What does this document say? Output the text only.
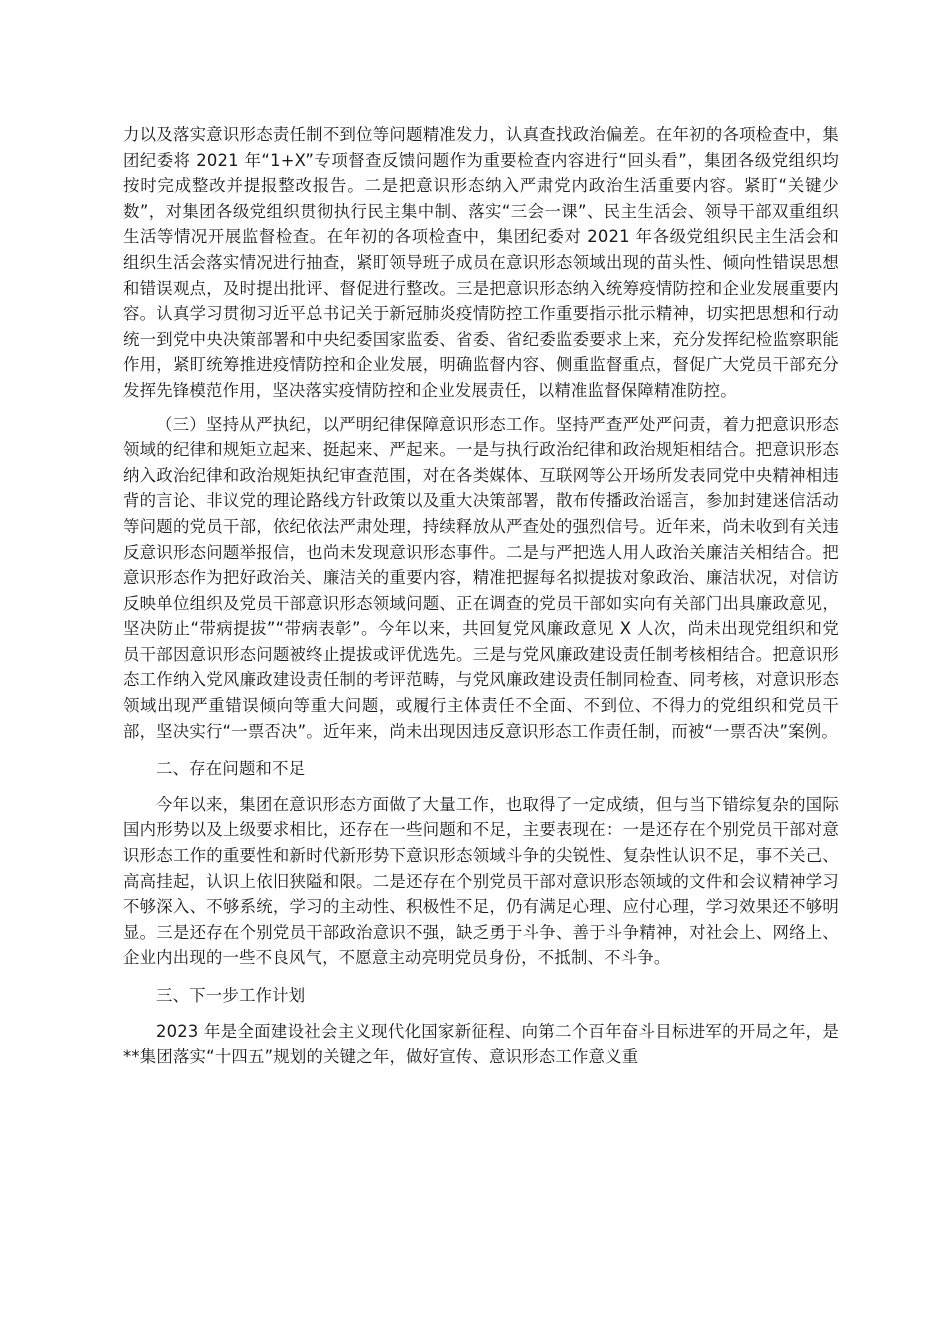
力以及落实意识形态责任制不到位等问题精准发力，认真查找政治偏差。在年初的各项检查中，集团纪委将 2021 年“1+X”专项督查反馈问题作为重要检查内容进行“回头看”，集团各级党组织均按时完成整改并提报整改报告。二是把意识形态纳入严肃党内政治生活重要内容。紧盯“关键少数”，对集团各级党组织贯彻执行民主集中制、落实“三会一课”、民主生活会、领导干部双重组织生活等情况开展监督检查。在年初的各项检查中，集团纪委对 2021 年各级党组织民主生活会和组织生活会落实情况进行抽查，紧盯领导班子成员在意识形态领域出现的苗头性、倾向性错误思想和错误观点，及时提出批评、督促进行整改。三是把意识形态纳入统筹疫情防控和企业发展重要内容。认真学习贯彻习近平总书记关于新冠肺炎疫情防控工作重要指示批示精神，切实把思想和行动统一到党中央决策部署和中央纪委国家监委、省委、省纪委监委要求上来，充分发挥纪检监察职能作用，紧盯统筹推进疫情防控和企业发展，明确监督内容、侧重监督重点，督促广大党员干部充分发挥先锋模范作用，坚决落实疫情防控和企业发展责任，以精准监督保障精准防控。

（三）坚持从严执纪，以严明纪律保障意识形态工作。坚持严查严处严问责，着力把意识形态领域的纪律和规矩立起来、挺起来、严起来。一是与执行政治纪律和政治规矩相结合。把意识形态纳入政治纪律和政治规矩执纪审查范围，对在各类媒体、互联网等公开场所发表同党中央精神相违背的言论、非议党的理论路线方针政策以及重大决策部署，散布传播政治谣言，参加封建迷信活动等问题的党员干部，依纪依法严肃处理，持续释放从严查处的强烈信号。近年来，尚未收到有关违反意识形态问题举报信，也尚未发现意识形态事件。二是与严把选人用人政治关廉洁关相结合。把意识形态作为把好政治关、廉洁关的重要内容，精准把握每名拟提拔对象政治、廉洁状况，对信访反映单位组织及党员干部意识形态领域问题、正在调查的党员干部如实向有关部门出具廉政意见，坚决防止“带病提拔”“带病表彰”。今年以来，共回复党风廉政意见 X 人次，尚未出现党组织和党员干部因意识形态问题被终止提拔或评优选先。三是与党风廉政建设责任制考核相结合。把意识形态工作纳入党风廉政建设责任制的考评范畴，与党风廉政建设责任制同检查、同考核，对意识形态领域出现严重错误倾向等重大问题，或履行主体责任不全面、不到位、不得力的党组织和党员干部，坚决实行“一票否决”。近年来，尚未出现因违反意识形态工作责任制，而被“一票否决”案例。

二、存在问题和不足

今年以来，集团在意识形态方面做了大量工作，也取得了一定成绩，但与当下错综复杂的国际国内形势以及上级要求相比，还存在一些问题和不足，主要表现在：一是还存在个别党员干部对意识形态工作的重要性和新时代新形势下意识形态领域斗争的尖锐性、复杂性认识不足，事不关己、高高挂起，认识上依旧狭隘和限。二是还存在个别党员干部对意识形态领域的文件和会议精神学习不够深入、不够系统，学习的主动性、积极性不足，仍有满足心理、应付心理，学习效果还不够明显。三是还存在个别党员干部政治意识不强，缺乏勇于斗争、善于斗争精神，对社会上、网络上、企业内出现的一些不良风气，不愿意主动亮明党员身份，不抵制、不斗争。

三、下一步工作计划

2023 年是全面建设社会主义现代化国家新征程、向第二个百年奋斗目标进军的开局之年，是**集团落实“十四五”规划的关键之年，做好宣传、意识形态工作意义重
